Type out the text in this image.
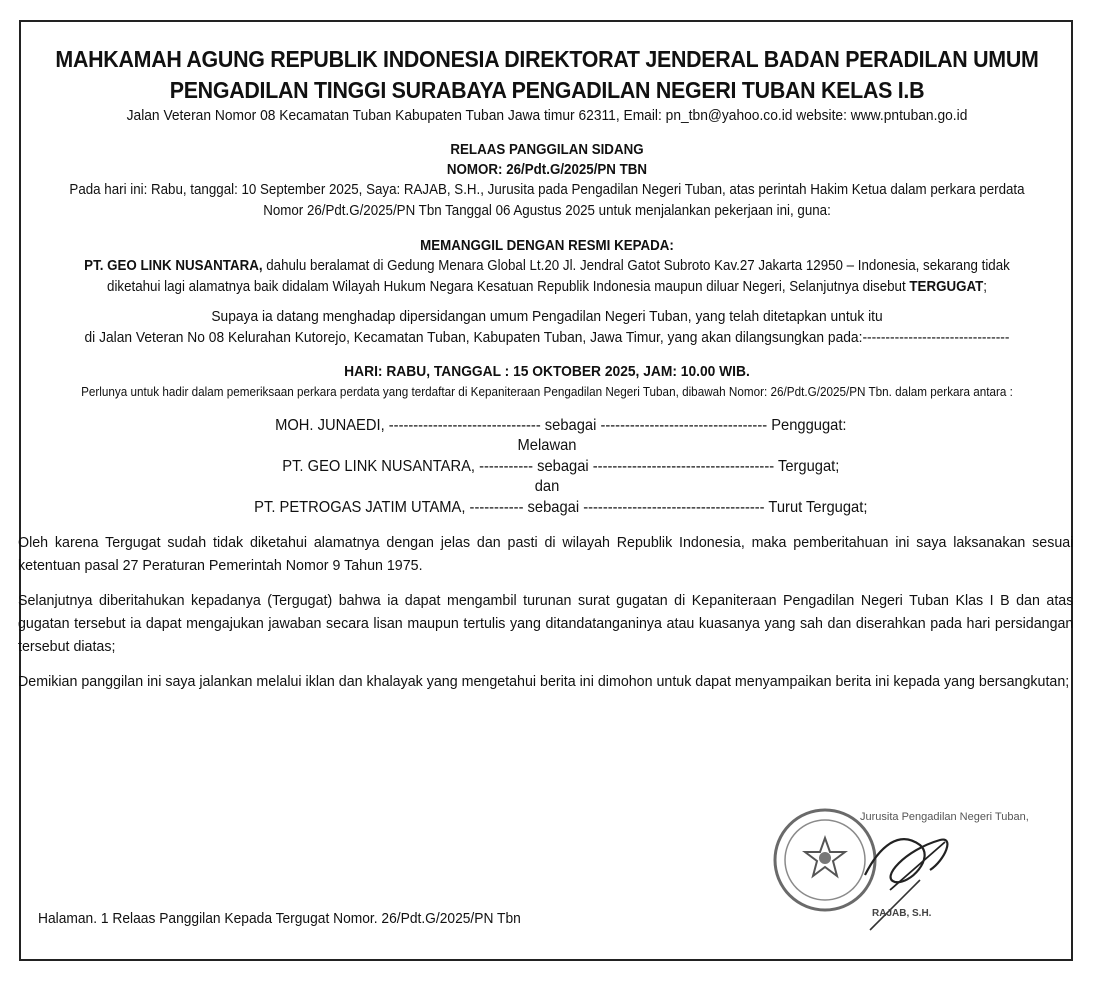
MAHKAMAH AGUNG REPUBLIK INDONESIA DIREKTORAT JENDERAL BADAN PERADILAN UMUM
PENGADILAN TINGGI SURABAYA PENGADILAN NEGERI TUBAN KELAS I.B
Jalan Veteran Nomor 08 Kecamatan Tuban Kabupaten Tuban Jawa timur 62311, Email: pn_tbn@yahoo.co.id website: www.pntuban.go.id
RELAAS PANGGILAN SIDANG
NOMOR: 26/Pdt.G/2025/PN TBN
Pada hari ini: Rabu, tanggal: 10 September 2025, Saya: RAJAB, S.H., Jurusita pada Pengadilan Negeri Tuban, atas perintah Hakim Ketua dalam perkara perdata
Nomor 26/Pdt.G/2025/PN Tbn Tanggal 06 Agustus 2025 untuk menjalankan pekerjaan ini, guna:
MEMANGGIL DENGAN RESMI KEPADA:
PT. GEO LINK NUSANTARA, dahulu beralamat di Gedung Menara Global Lt.20 Jl. Jendral Gatot Subroto Kav.27 Jakarta 12950 – Indonesia, sekarang tidak
diketahui lagi alamatnya baik didalam Wilayah Hukum Negara Kesatuan Republik Indonesia maupun diluar Negeri, Selanjutnya disebut TERGUGAT;
Supaya ia datang menghadap dipersidangan umum Pengadilan Negeri Tuban, yang telah ditetapkan untuk itu
di Jalan Veteran No 08 Kelurahan Kutorejo, Kecamatan Tuban, Kabupaten Tuban, Jawa Timur, yang akan dilangsungkan pada:--------------------------------
HARI: RABU, TANGGAL : 15 OKTOBER 2025, JAM: 10.00 WIB.
Perlunya untuk hadir dalam pemeriksaan perkara perdata yang terdaftar di Kepaniteraan Pengadilan Negeri Tuban, dibawah Nomor: 26/Pdt.G/2025/PN Tbn. dalam perkara antara :
MOH. JUNAEDI, ------------------------------- sebagai ---------------------------------- Penggugat:
Melawan
PT. GEO LINK NUSANTARA, ----------- sebagai ------------------------------------- Tergugat;
dan
PT. PETROGAS JATIM UTAMA, ----------- sebagai ------------------------------------- Turut Tergugat;
Oleh karena Tergugat sudah tidak diketahui alamatnya dengan jelas dan pasti di wilayah Republik Indonesia, maka pemberitahuan ini saya laksanakan sesuai ketentuan pasal 27 Peraturan Pemerintah Nomor 9 Tahun 1975.
Selanjutnya diberitahukan kepadanya (Tergugat) bahwa ia dapat mengambil turunan surat gugatan di Kepaniteraan Pengadilan Negeri Tuban Klas I B dan atas gugatan tersebut ia dapat mengajukan jawaban secara lisan maupun tertulis yang ditandatanganinya atau kuasanya yang sah dan diserahkan pada hari persidangan tersebut diatas;
Demikian panggilan ini saya jalankan melalui iklan dan khalayak yang mengetahui berita ini dimohon untuk dapat menyampaikan berita ini kepada yang bersangkutan;
Jurusita Pengadilan Negeri Tuban,
RAJAB, S.H.
Halaman. 1 Relaas Panggilan Kepada Tergugat Nomor. 26/Pdt.G/2025/PN Tbn
